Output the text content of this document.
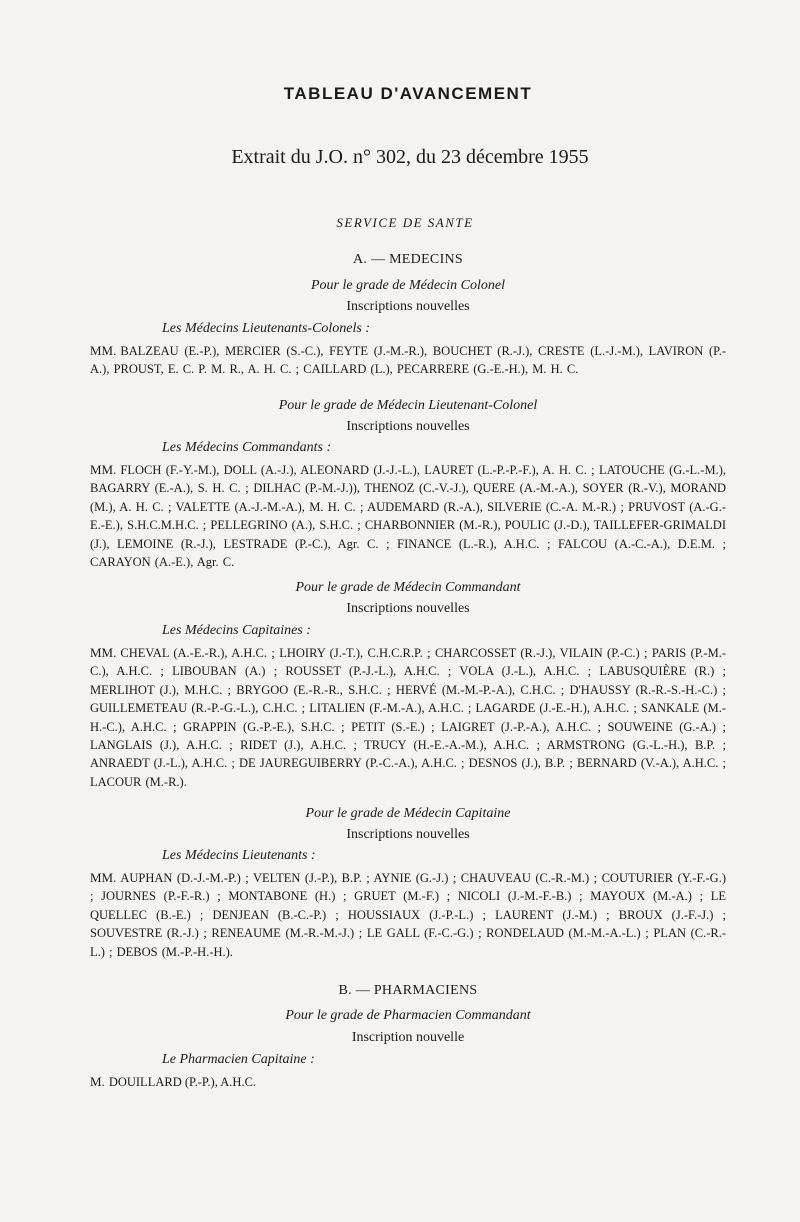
TABLEAU D'AVANCEMENT

Extrait du J.O. n° 302, du 23 décembre 1955

SERVICE DE SANTE

A. — MEDECINS

Pour le grade de Médecin Colonel

Inscriptions nouvelles

Les Médecins Lieutenants-Colonels :

MM. BALZEAU (E.-P.), MERCIER (S.-C.), FEYTE (J.-M.-R.), BOUCHET (R.-J.), CRESTE (L.-J.-M.), LAVIRON (P.-A.), PROUST, E. C. P. M. R., A. H. C. ; CAILLARD (L.), PECARRERE (G.-E.-H.), M. H. C.

Pour le grade de Médecin Lieutenant-Colonel

Inscriptions nouvelles

Les Médecins Commandants :

MM. FLOCH (F.-Y.-M.), DOLL (A.-J.), ALEONARD (J.-J.-L.), LAURET (L.-P.-P.-F.), A. H. C. ; LATOUCHE (G.-L.-M.), BAGARRY (E.-A.), S. H. C. ; DILHAC (P.-M.-J.)), THENOZ (C.-V.-J.), QUERE (A.-M.-A.), SOYER (R.-V.), MORAND (M.), A. H. C. ; VALETTE (A.-J.-M.-A.), M. H. C. ; AUDEMARD (R.-A.), SILVERIE (C.-A. M.-R.) ; PRUVOST (A.-G.-E.-E.), S.H.C.M.H.C. ; PELLEGRINO (A.), S.H.C. ; CHARBONNIER (M.-R.), POULIC (J.-D.), TAILLEFER-GRIMALDI (J.), LEMOINE (R.-J.), LESTRADE (P.-C.), Agr. C. ; FINANCE (L.-R.), A.H.C. ; FALCOU (A.-C.-A.), D.E.M. ; CARAYON (A.-E.), Agr. C.

Pour le grade de Médecin Commandant

Inscriptions nouvelles

Les Médecins Capitaines :

MM. CHEVAL (A.-E.-R.), A.H.C. ; LHOIRY (J.-T.), C.H.C.R.P. ; CHARCOSSET (R.-J.), VILAIN (P.-C.) ; PARIS (P.-M.-C.), A.H.C. ; LIBOUBAN (A.) ; ROUSSET (P.-J.-L.), A.H.C. ; VOLA (J.-L.), A.H.C. ; LABUSQUIÈRE (R.) ; MERLIHOT (J.), M.H.C. ; BRYGOO (E.-R.-R., S.H.C. ; HERVÉ (M.-M.-P.-A.), C.H.C. ; D'HAUSSY (R.-R.-S.-H.-C.) ; GUILLEMETEAU (R.-P.-G.-L.), C.H.C. ; LITALIEN (F.-M.-A.), A.H.C. ; LAGARDE (J.-E.-H.), A.H.C. ; SANKALE (M.-H.-C.), A.H.C. ; GRAPPIN (G.-P.-E.), S.H.C. ; PETIT (S.-E.) ; LAIGRET (J.-P.-A.), A.H.C. ; SOUWEINE (G.-A.) ; LANGLAIS (J.), A.H.C. ; RIDET (J.), A.H.C. ; TRUCY (H.-E.-A.-M.), A.H.C. ; ARMSTRONG (G.-L.-H.), B.P. ; ANRAEDT (J.-L.), A.H.C. ; DE JAUREGUIBERRY (P.-C.-A.), A.H.C. ; DESNOS (J.), B.P. ; BERNARD (V.-A.), A.H.C. ; LACOUR (M.-R.).

Pour le grade de Médecin Capitaine

Inscriptions nouvelles

Les Médecins Lieutenants :

MM. AUPHAN (D.-J.-M.-P.) ; VELTEN (J.-P.), B.P. ; AYNIE (G.-J.) ; CHAUVEAU (C.-R.-M.) ; COUTURIER (Y.-F.-G.) ; JOURNES (P.-F.-R.) ; MONTABONE (H.) ; GRUET (M.-F.) ; NICOLI (J.-M.-F.-B.) ; MAYOUX (M.-A.) ; LE QUELLEC (B.-E.) ; DENJEAN (B.-C.-P.) ; HOUSSIAUX (J.-P.-L.) ; LAURENT (J.-M.) ; BROUX (J.-F.-J.) ; SOUVESTRE (R.-J.) ; RENEAUME (M.-R.-M.-J.) ; LE GALL (F.-C.-G.) ; RONDELAUD (M.-M.-A.-L.) ; PLAN (C.-R.-L.) ; DEBOS (M.-P.-H.-H.).

B. — PHARMACIENS

Pour le grade de Pharmacien Commandant

Inscription nouvelle

Le Pharmacien Capitaine :

M. DOUILLARD (P.-P.), A.H.C.
